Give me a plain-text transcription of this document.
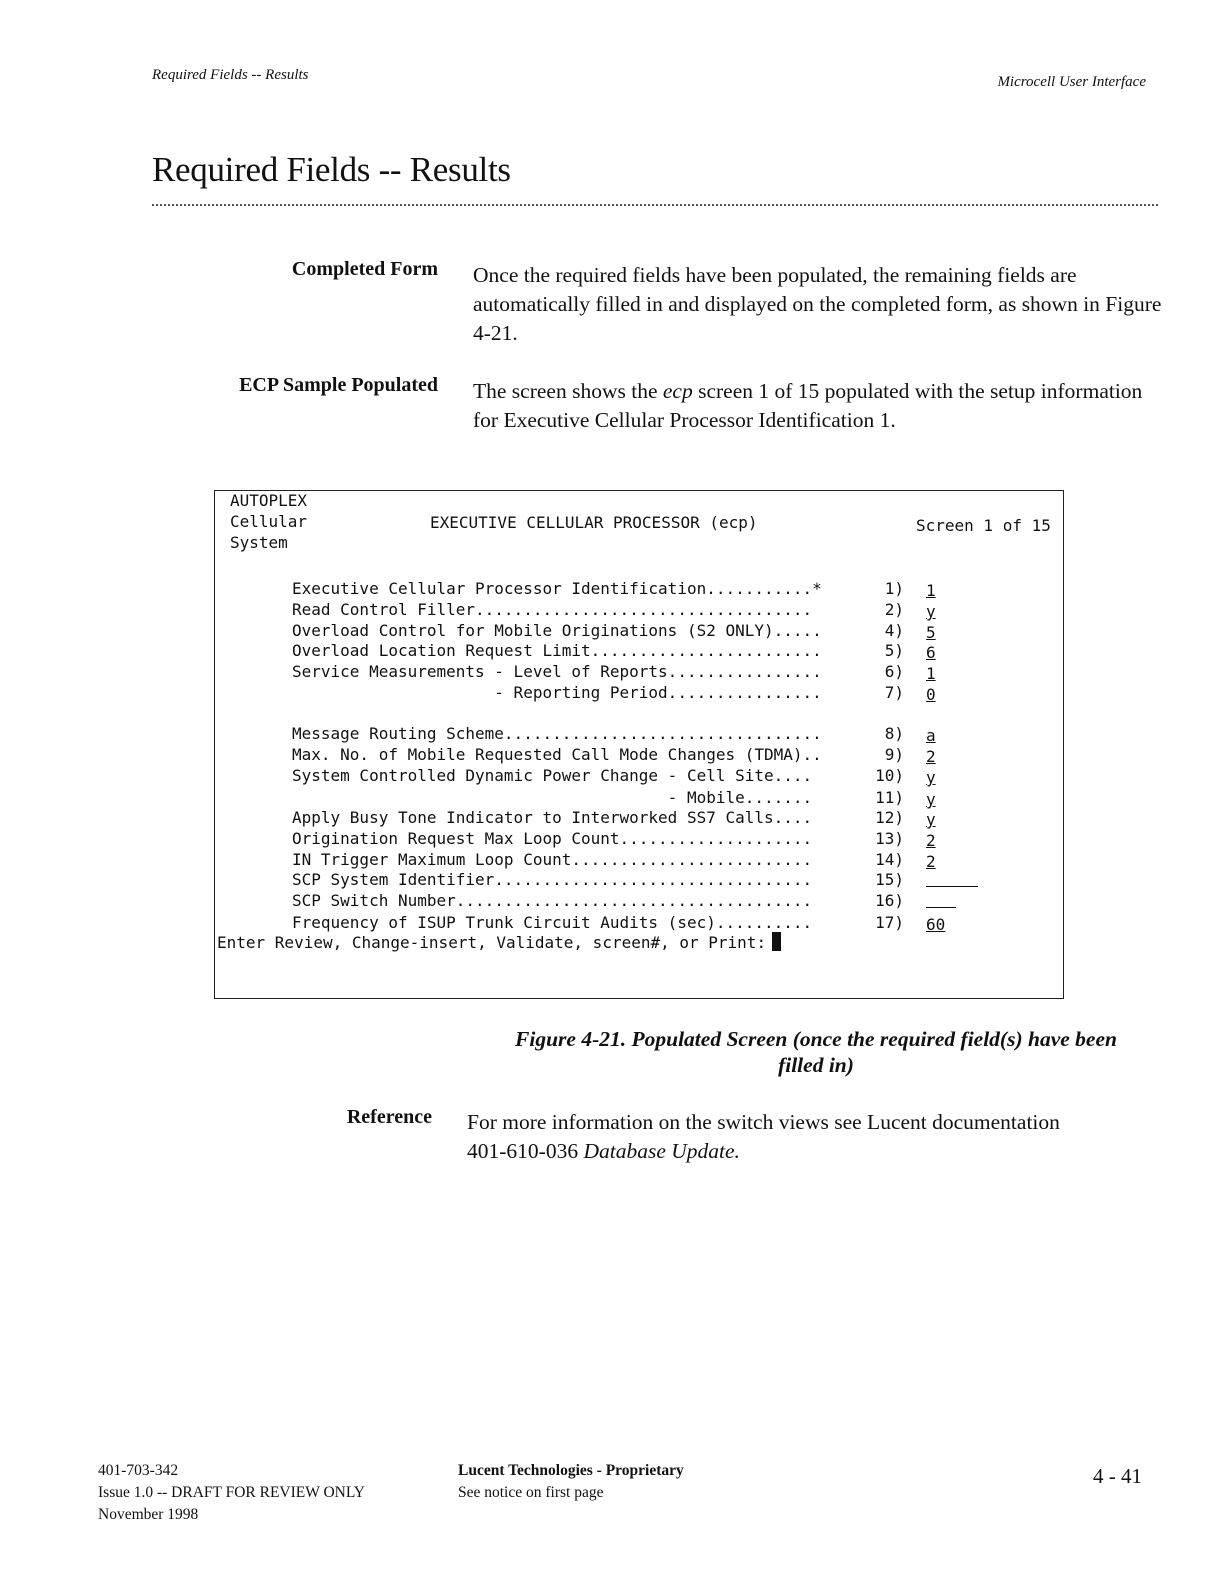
Required Fields -- Results	Microcell User Interface
Required Fields -- Results
Completed Form Once the required fields have been populated, the remaining fields are automatically filled in and displayed on the completed form, as shown in Figure 4-21.
ECP Sample Populated The screen shows the ecp screen 1 of 15 populated with the setup information for Executive Cellular Processor Identification 1.
AUTOPLEX
Cellular
System
EXECUTIVE CELLULAR PROCESSOR (ecp)	Screen 1 of 15
Executive Cellular Processor Identification...........*	1) 1
Read Control Filler...................................	2) y
Overload Control for Mobile Originations (S2 ONLY).....	4) 5
Overload Location Request Limit........................	5) 6
Service Measurements - Level of Reports................	6) 1
- Reporting Period................	7) 0
Message Routing Scheme.................................	8) a
Max. No. of Mobile Requested Call Mode Changes (TDMA)..	9) 2
System Controlled Dynamic Power Change - Cell Site....	10) y
- Mobile.......	11) y
Apply Busy Tone Indicator to Interworked SS7 Calls....	12) y
Origination Request Max Loop Count....................	13) 2
IN Trigger Maximum Loop Count.........................	14) 2
SCP System Identifier.................................	15)
SCP Switch Number.....................................	16)
Frequency of ISUP Trunk Circuit Audits (sec)..........	17) 60
Enter Review, Change-insert, Validate, screen#, or Print:
Figure 4-21. Populated Screen (once the required field(s) have been
filled in)
Reference For more information on the switch views see Lucent documentation
401-610-036 Database Update.
401-703-342
Issue 1.0 -- DRAFT FOR REVIEW ONLY
November 1998
Lucent Technologies - Proprietary
See notice on first page
4 - 41
